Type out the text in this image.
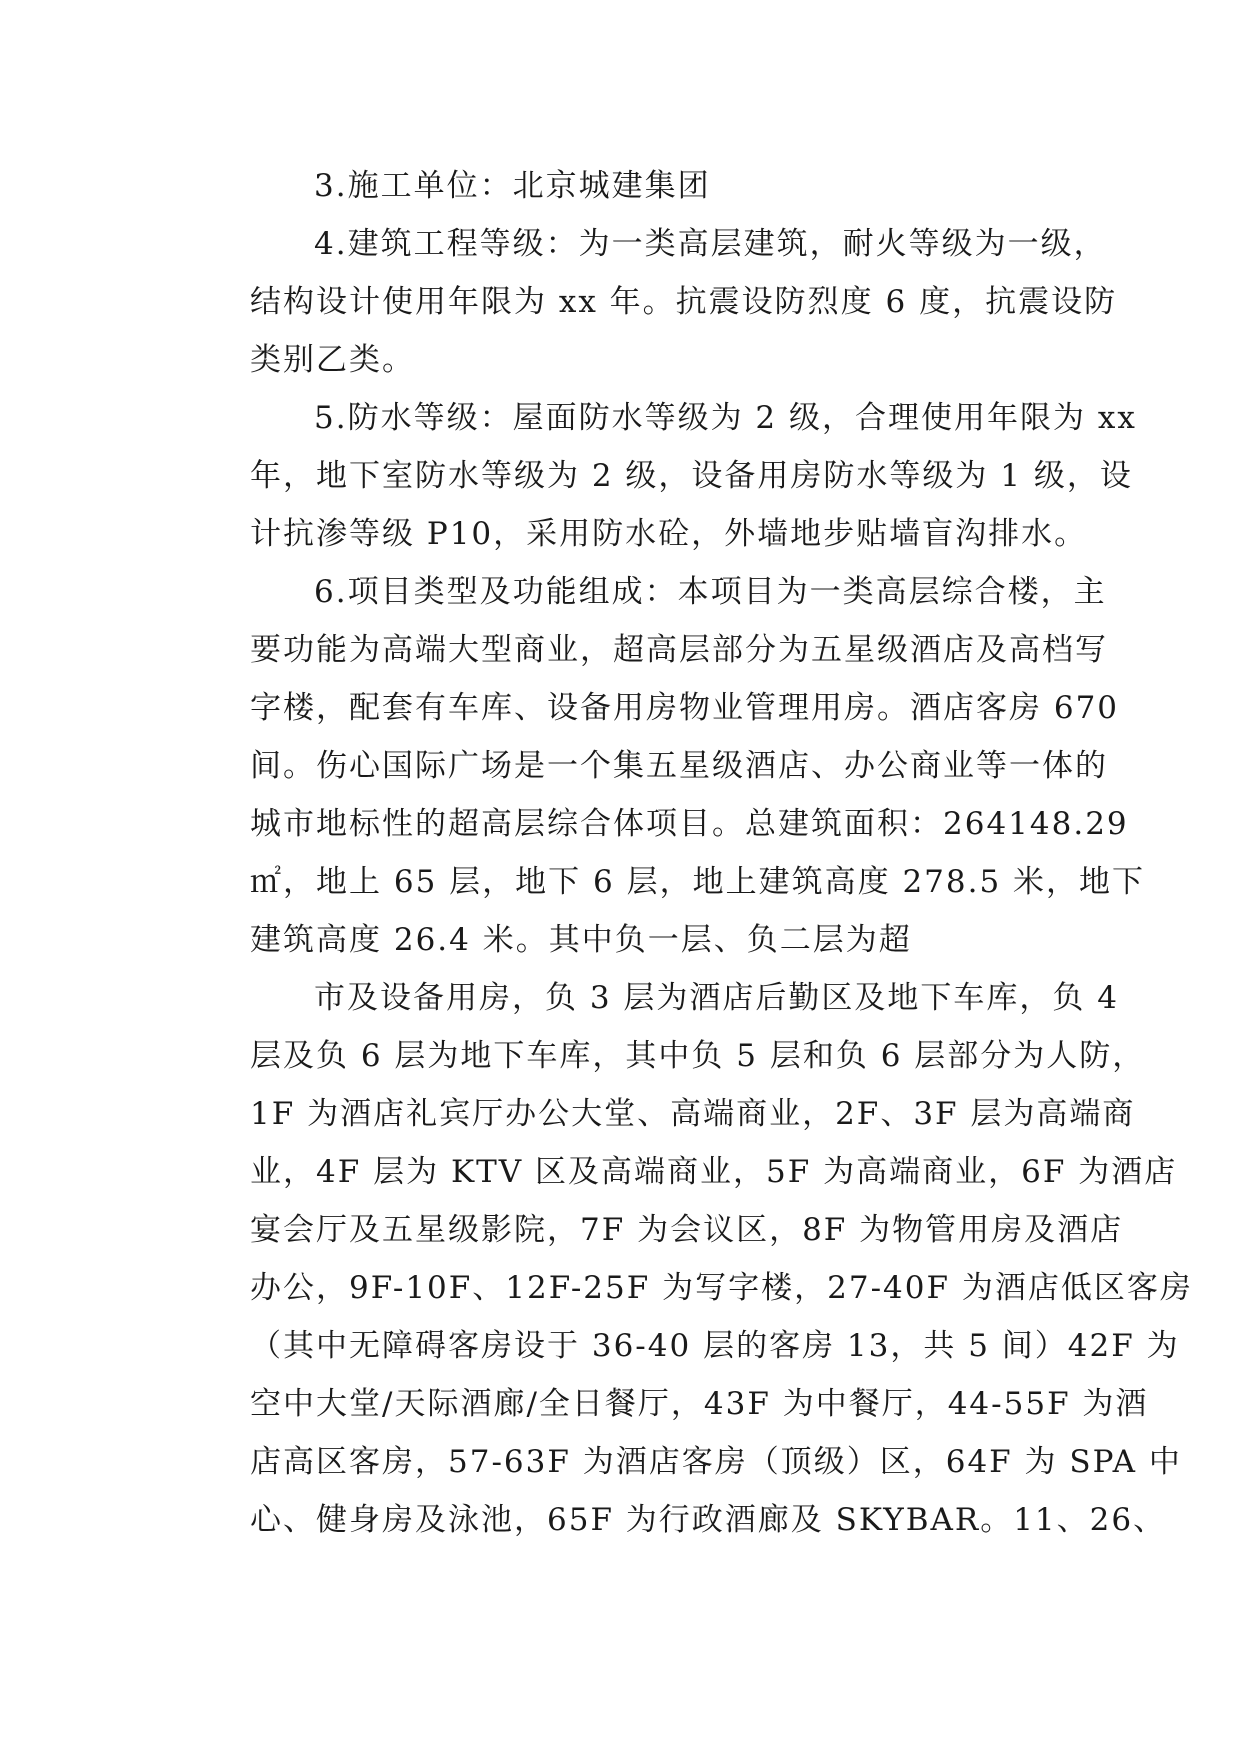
3.施工单位：北京城建集团
4.建筑工程等级：为一类高层建筑，耐火等级为一级，
结构设计使用年限为 xx 年。抗震设防烈度 6 度，抗震设防
类别乙类。
5.防水等级：屋面防水等级为 2 级，合理使用年限为 xx
年，地下室防水等级为 2 级，设备用房防水等级为 1 级，设
计抗渗等级 P10，采用防水砼，外墙地步贴墙盲沟排水。
6.项目类型及功能组成：本项目为一类高层综合楼，主
要功能为高端大型商业，超高层部分为五星级酒店及高档写
字楼，配套有车库、设备用房物业管理用房。酒店客房 670
间。伤心国际广场是一个集五星级酒店、办公商业等一体的
城市地标性的超高层综合体项目。总建筑面积：264148.29
㎡，地上 65 层，地下 6 层，地上建筑高度 278.5 米，地下
建筑高度 26.4 米。其中负一层、负二层为超
市及设备用房，负 3 层为酒店后勤区及地下车库，负 4
层及负 6 层为地下车库，其中负 5 层和负 6 层部分为人防，
1F 为酒店礼宾厅办公大堂、高端商业，2F、3F 层为高端商
业，4F 层为 KTV 区及高端商业，5F 为高端商业，6F 为酒店
宴会厅及五星级影院，7F 为会议区，8F 为物管用房及酒店
办公，9F-10F、12F-25F 为写字楼，27-40F 为酒店低区客房
（其中无障碍客房设于 36-40 层的客房 13，共 5 间）42F 为
空中大堂/天际酒廊/全日餐厅，43F 为中餐厅，44-55F 为酒
店高区客房，57-63F 为酒店客房（顶级）区，64F 为 SPA 中
心、健身房及泳池，65F 为行政酒廊及 SKYBAR。11、26、
